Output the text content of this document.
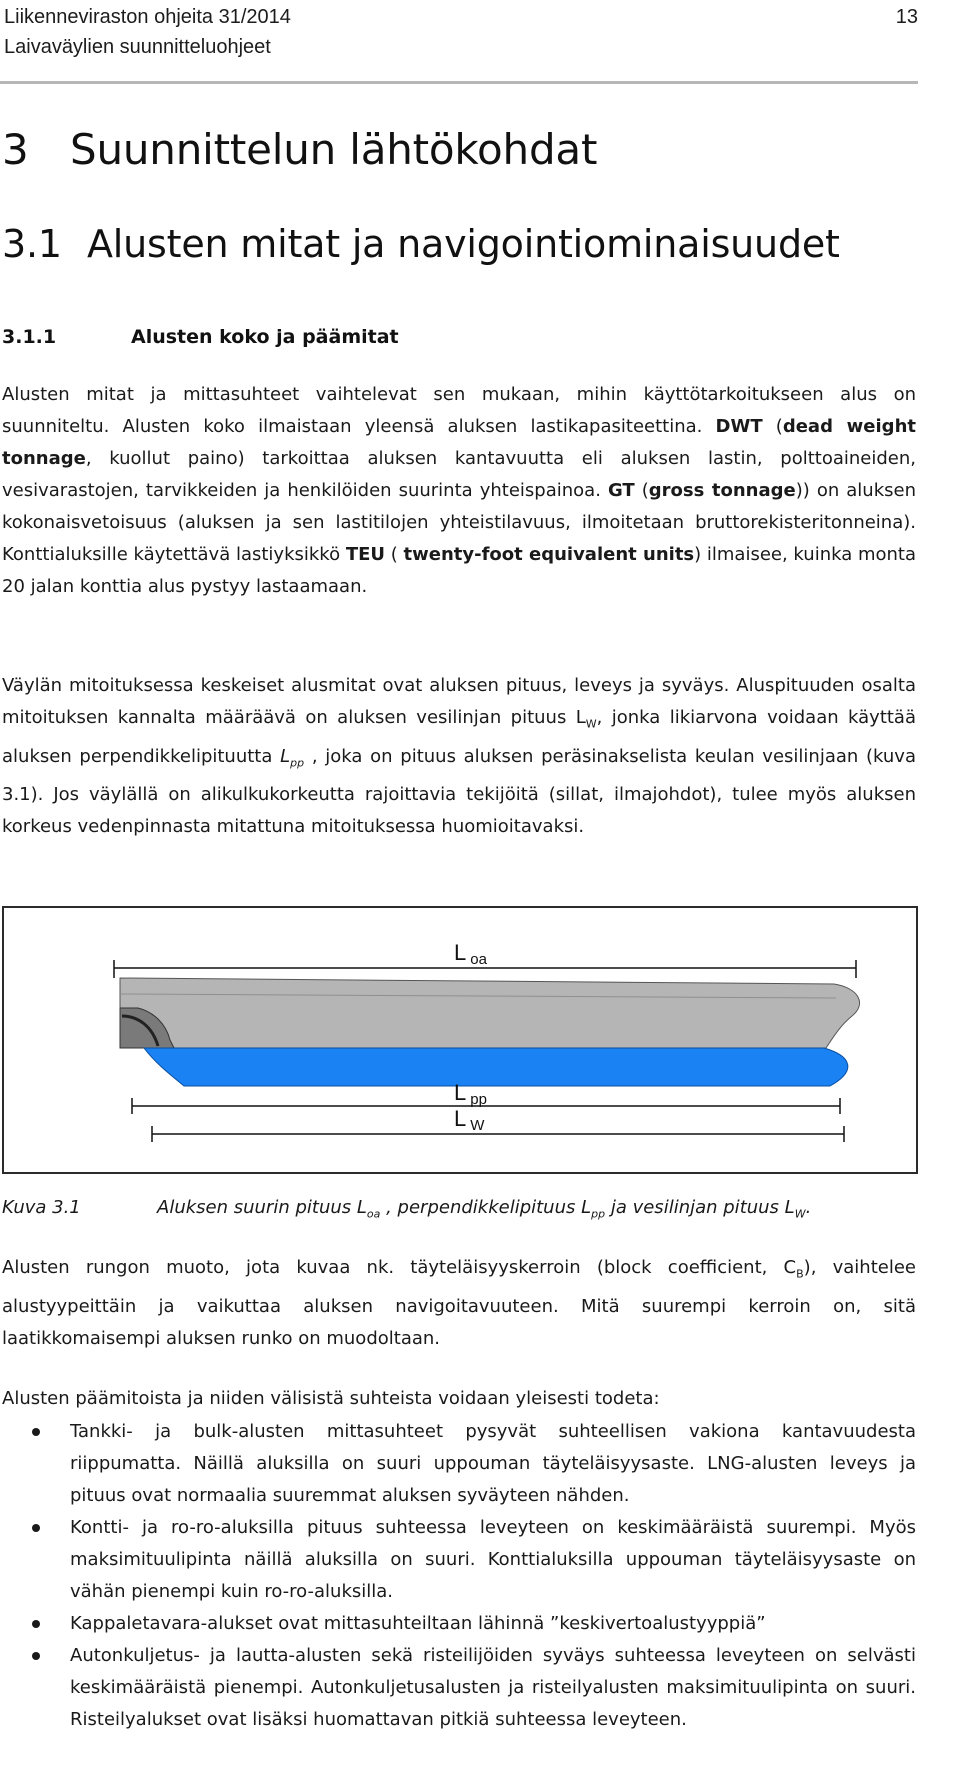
Liikenneviraston ohjeita 31/2014
Laivaväylien suunnitteluohjeet
13
3 Suunnittelun lähtökohdat
3.1 Alusten mitat ja navigointiominaisuudet
3.1.1	Alusten koko ja päämitat
Alusten mitat ja mittasuhteet vaihtelevat sen mukaan, mihin käyttötarkoitukseen alus on suunniteltu. Alusten koko ilmaistaan yleensä aluksen lastikapasiteettina. DWT (dead weight tonnage, kuollut paino) tarkoittaa aluksen kantavuutta eli aluksen lastin, polttoaineiden, vesivarastojen, tarvikkeiden ja henkilöiden suurinta yhteispainoa. GT (gross tonnage)) on aluksen kokonaisvetoisuus (aluksen ja sen lastitilojen yhteistilavuus, ilmoitetaan bruttorekisteritonneina). Konttialuksille käytettävä lastiyksikkö TEU ( twenty-foot equivalent units) ilmaisee, kuinka monta 20 jalan konttia alus pystyy lastaamaan.
Väylän mitoituksessa keskeiset alusmitat ovat aluksen pituus, leveys ja syväys. Aluspituuden osalta mitoituksen kannalta määräävä on aluksen vesilinjan pituus $L_W$, jonka likiarvona voidaan käyttää aluksen perpendikkelipituutta $L_{pp}$ , joka on pituus aluksen peräsinakselista keulan vesilinjaan (kuva 3.1). Jos väylällä on alikulkukorkeutta rajoittavia tekijöitä (sillat, ilmajohdot), tulee myös aluksen korkeus vedenpinnasta mitattuna mitoituksessa huomioitavaksi.
L oa
L pp
L W
Kuva 3.1	Aluksen suurin pituus $L_{oa}$ , perpendikkelipituus $L_{pp}$ ja vesilinjan pituus $L_W$.
Alusten rungon muoto, jota kuvaa nk. täyteläisyyskerroin (block coefficient, $C_B$), vaihtelee alustyypeittäin ja vaikuttaa aluksen navigoitavuuteen. Mitä suurempi kerroin on, sitä laatikkomaisempi aluksen runko on muodoltaan.
Alusten päämitoista ja niiden välisistä suhteista voidaan yleisesti todeta:
Tankki- ja bulk-alusten mittasuhteet pysyvät suhteellisen vakiona kantavuudesta riippumatta. Näillä aluksilla on suuri uppouman täyteläisyysaste. LNG-alusten leveys ja pituus ovat normaalia suuremmat aluksen syväyteen nähden.
Kontti- ja ro-ro-aluksilla pituus suhteessa leveyteen on keskimääräistä suurempi. Myös maksimituulipinta näillä aluksilla on suuri. Konttialuksilla uppouman täyteläisyysaste on vähän pienempi kuin ro-ro-aluksilla.
Kappaletavara-alukset ovat mittasuhteiltaan lähinnä ”keskivertoalustyyppiä”
Autonkuljetus- ja lautta-alusten sekä risteilijöiden syväys suhteessa leveyteen on selvästi keskimääräistä pienempi. Autonkuljetusalusten ja risteilyalusten maksimituulipinta on suuri. Risteilyalukset ovat lisäksi huomattavan pitkiä suhteessa leveyteen.
